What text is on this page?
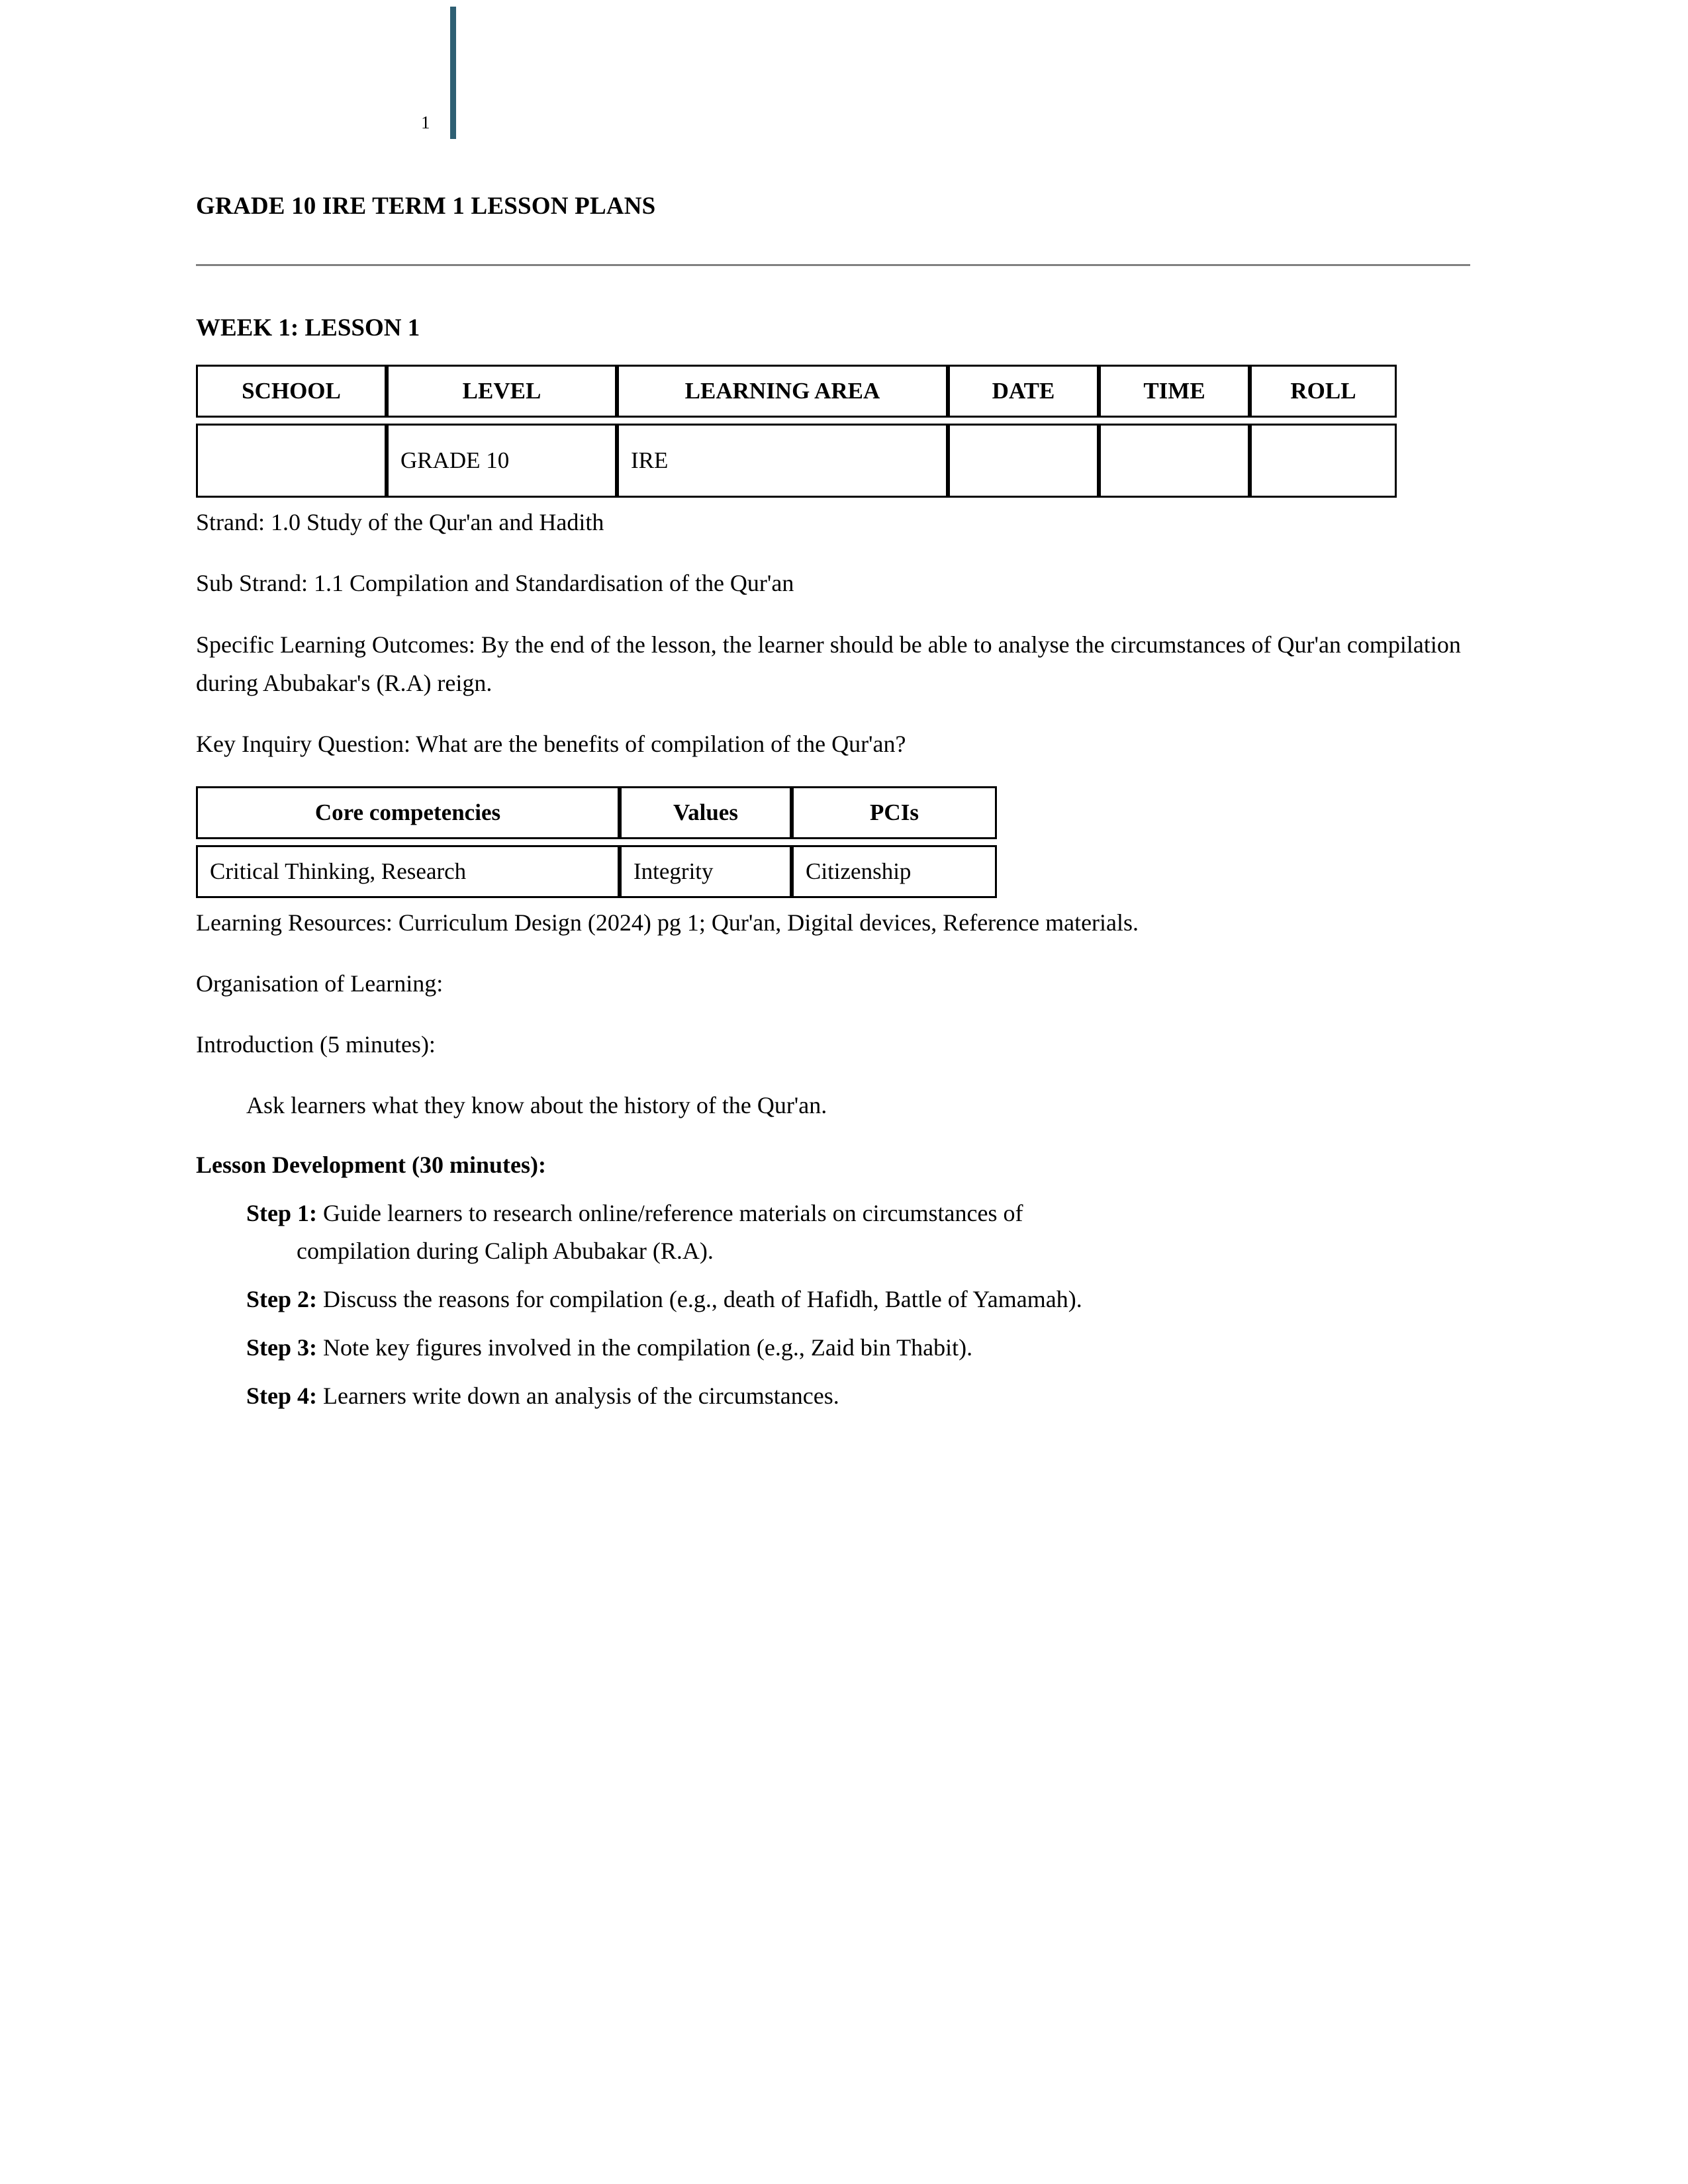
1
GRADE 10 IRE TERM 1 LESSON PLANS
WEEK 1: LESSON 1
SCHOOL	LEVEL	LEARNING AREA	DATE	TIME	ROLL

	GRADE 10	IRE			

Strand: 1.0 Study of the Qur'an and Hadith

Sub Strand: 1.1 Compilation and Standardisation of the Qur'an

Specific Learning Outcomes: By the end of the lesson, the learner should be able to analyse the circumstances of Qur'an compilation during Abubakar's (R.A) reign.

Key Inquiry Question: What are the benefits of compilation of the Qur'an?

Core competencies	Values	PCIs

Critical Thinking, Research	Integrity	Citizenship

Learning Resources: Curriculum Design (2024) pg 1; Qur'an, Digital devices, Reference materials.

Organisation of Learning:

Introduction (5 minutes):

Ask learners what they know about the history of the Qur'an.

Lesson Development (30 minutes):

Step 1: Guide learners to research online/reference materials on circumstances of
compilation during Caliph Abubakar (R.A).
Step 2: Discuss the reasons for compilation (e.g., death of Hafidh, Battle of Yamamah).
Step 3: Note key figures involved in the compilation (e.g., Zaid bin Thabit).
Step 4: Learners write down an analysis of the circumstances.
